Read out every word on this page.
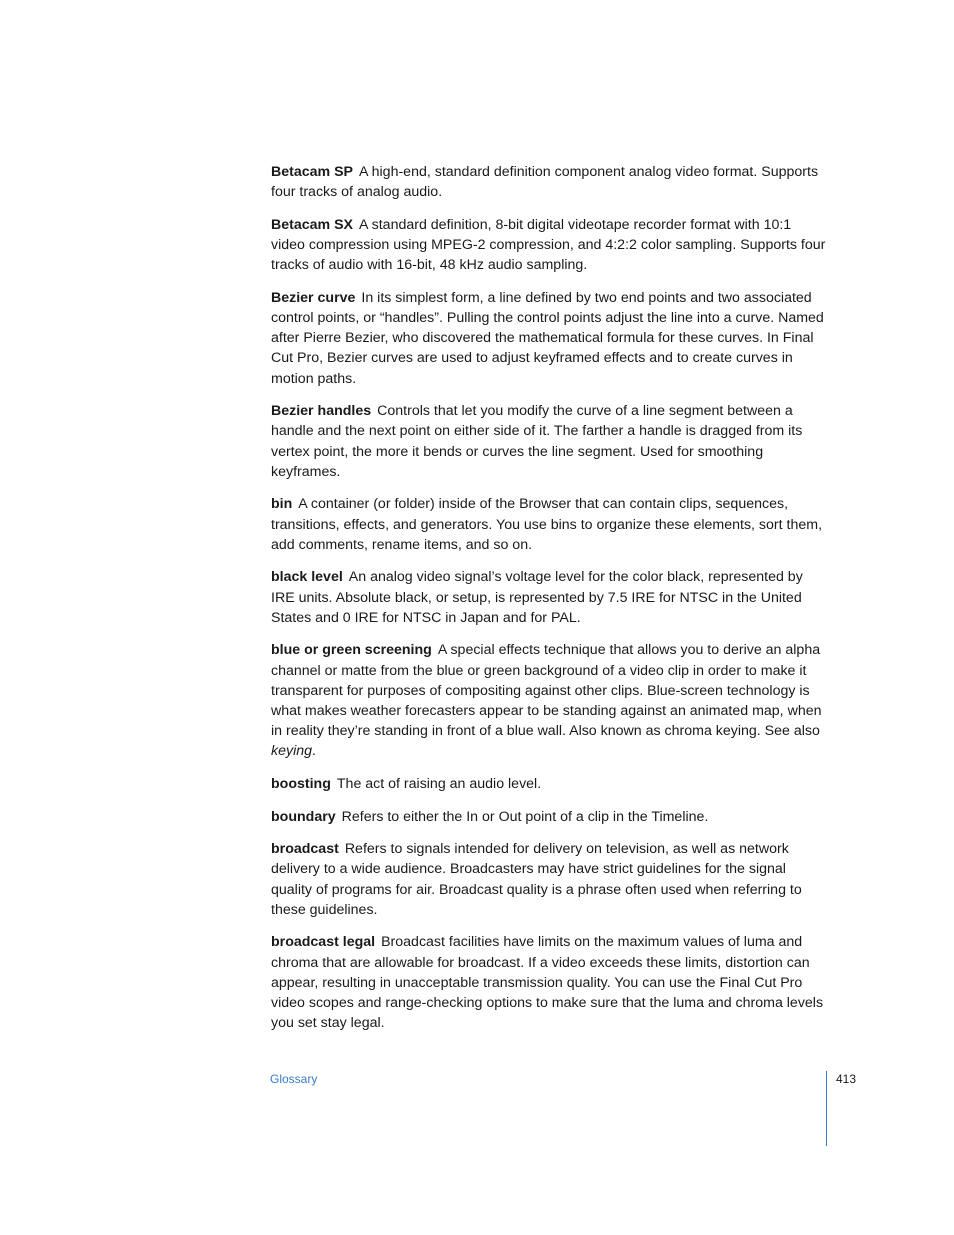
Betacam SP A high-end, standard definition component analog video format. Supports four tracks of analog audio.

Betacam SX A standard definition, 8-bit digital videotape recorder format with 10:1 video compression using MPEG-2 compression, and 4:2:2 color sampling. Supports four tracks of audio with 16-bit, 48 kHz audio sampling.

Bezier curve In its simplest form, a line defined by two end points and two associated control points, or “handles”. Pulling the control points adjust the line into a curve. Named after Pierre Bezier, who discovered the mathematical formula for these curves. In Final Cut Pro, Bezier curves are used to adjust keyframed effects and to create curves in motion paths.

Bezier handles Controls that let you modify the curve of a line segment between a handle and the next point on either side of it. The farther a handle is dragged from its vertex point, the more it bends or curves the line segment. Used for smoothing keyframes.

bin A container (or folder) inside of the Browser that can contain clips, sequences, transitions, effects, and generators. You use bins to organize these elements, sort them, add comments, rename items, and so on.

black level An analog video signal’s voltage level for the color black, represented by IRE units. Absolute black, or setup, is represented by 7.5 IRE for NTSC in the United States and 0 IRE for NTSC in Japan and for PAL.

blue or green screening A special effects technique that allows you to derive an alpha channel or matte from the blue or green background of a video clip in order to make it transparent for purposes of compositing against other clips. Blue-screen technology is what makes weather forecasters appear to be standing against an animated map, when in reality they’re standing in front of a blue wall. Also known as chroma keying. See also keying.

boosting The act of raising an audio level.

boundary Refers to either the In or Out point of a clip in the Timeline.

broadcast Refers to signals intended for delivery on television, as well as network delivery to a wide audience. Broadcasters may have strict guidelines for the signal quality of programs for air. Broadcast quality is a phrase often used when referring to these guidelines.

broadcast legal Broadcast facilities have limits on the maximum values of luma and chroma that are allowable for broadcast. If a video exceeds these limits, distortion can appear, resulting in unacceptable transmission quality. You can use the Final Cut Pro video scopes and range-checking options to make sure that the luma and chroma levels you set stay legal.

Glossary	413
